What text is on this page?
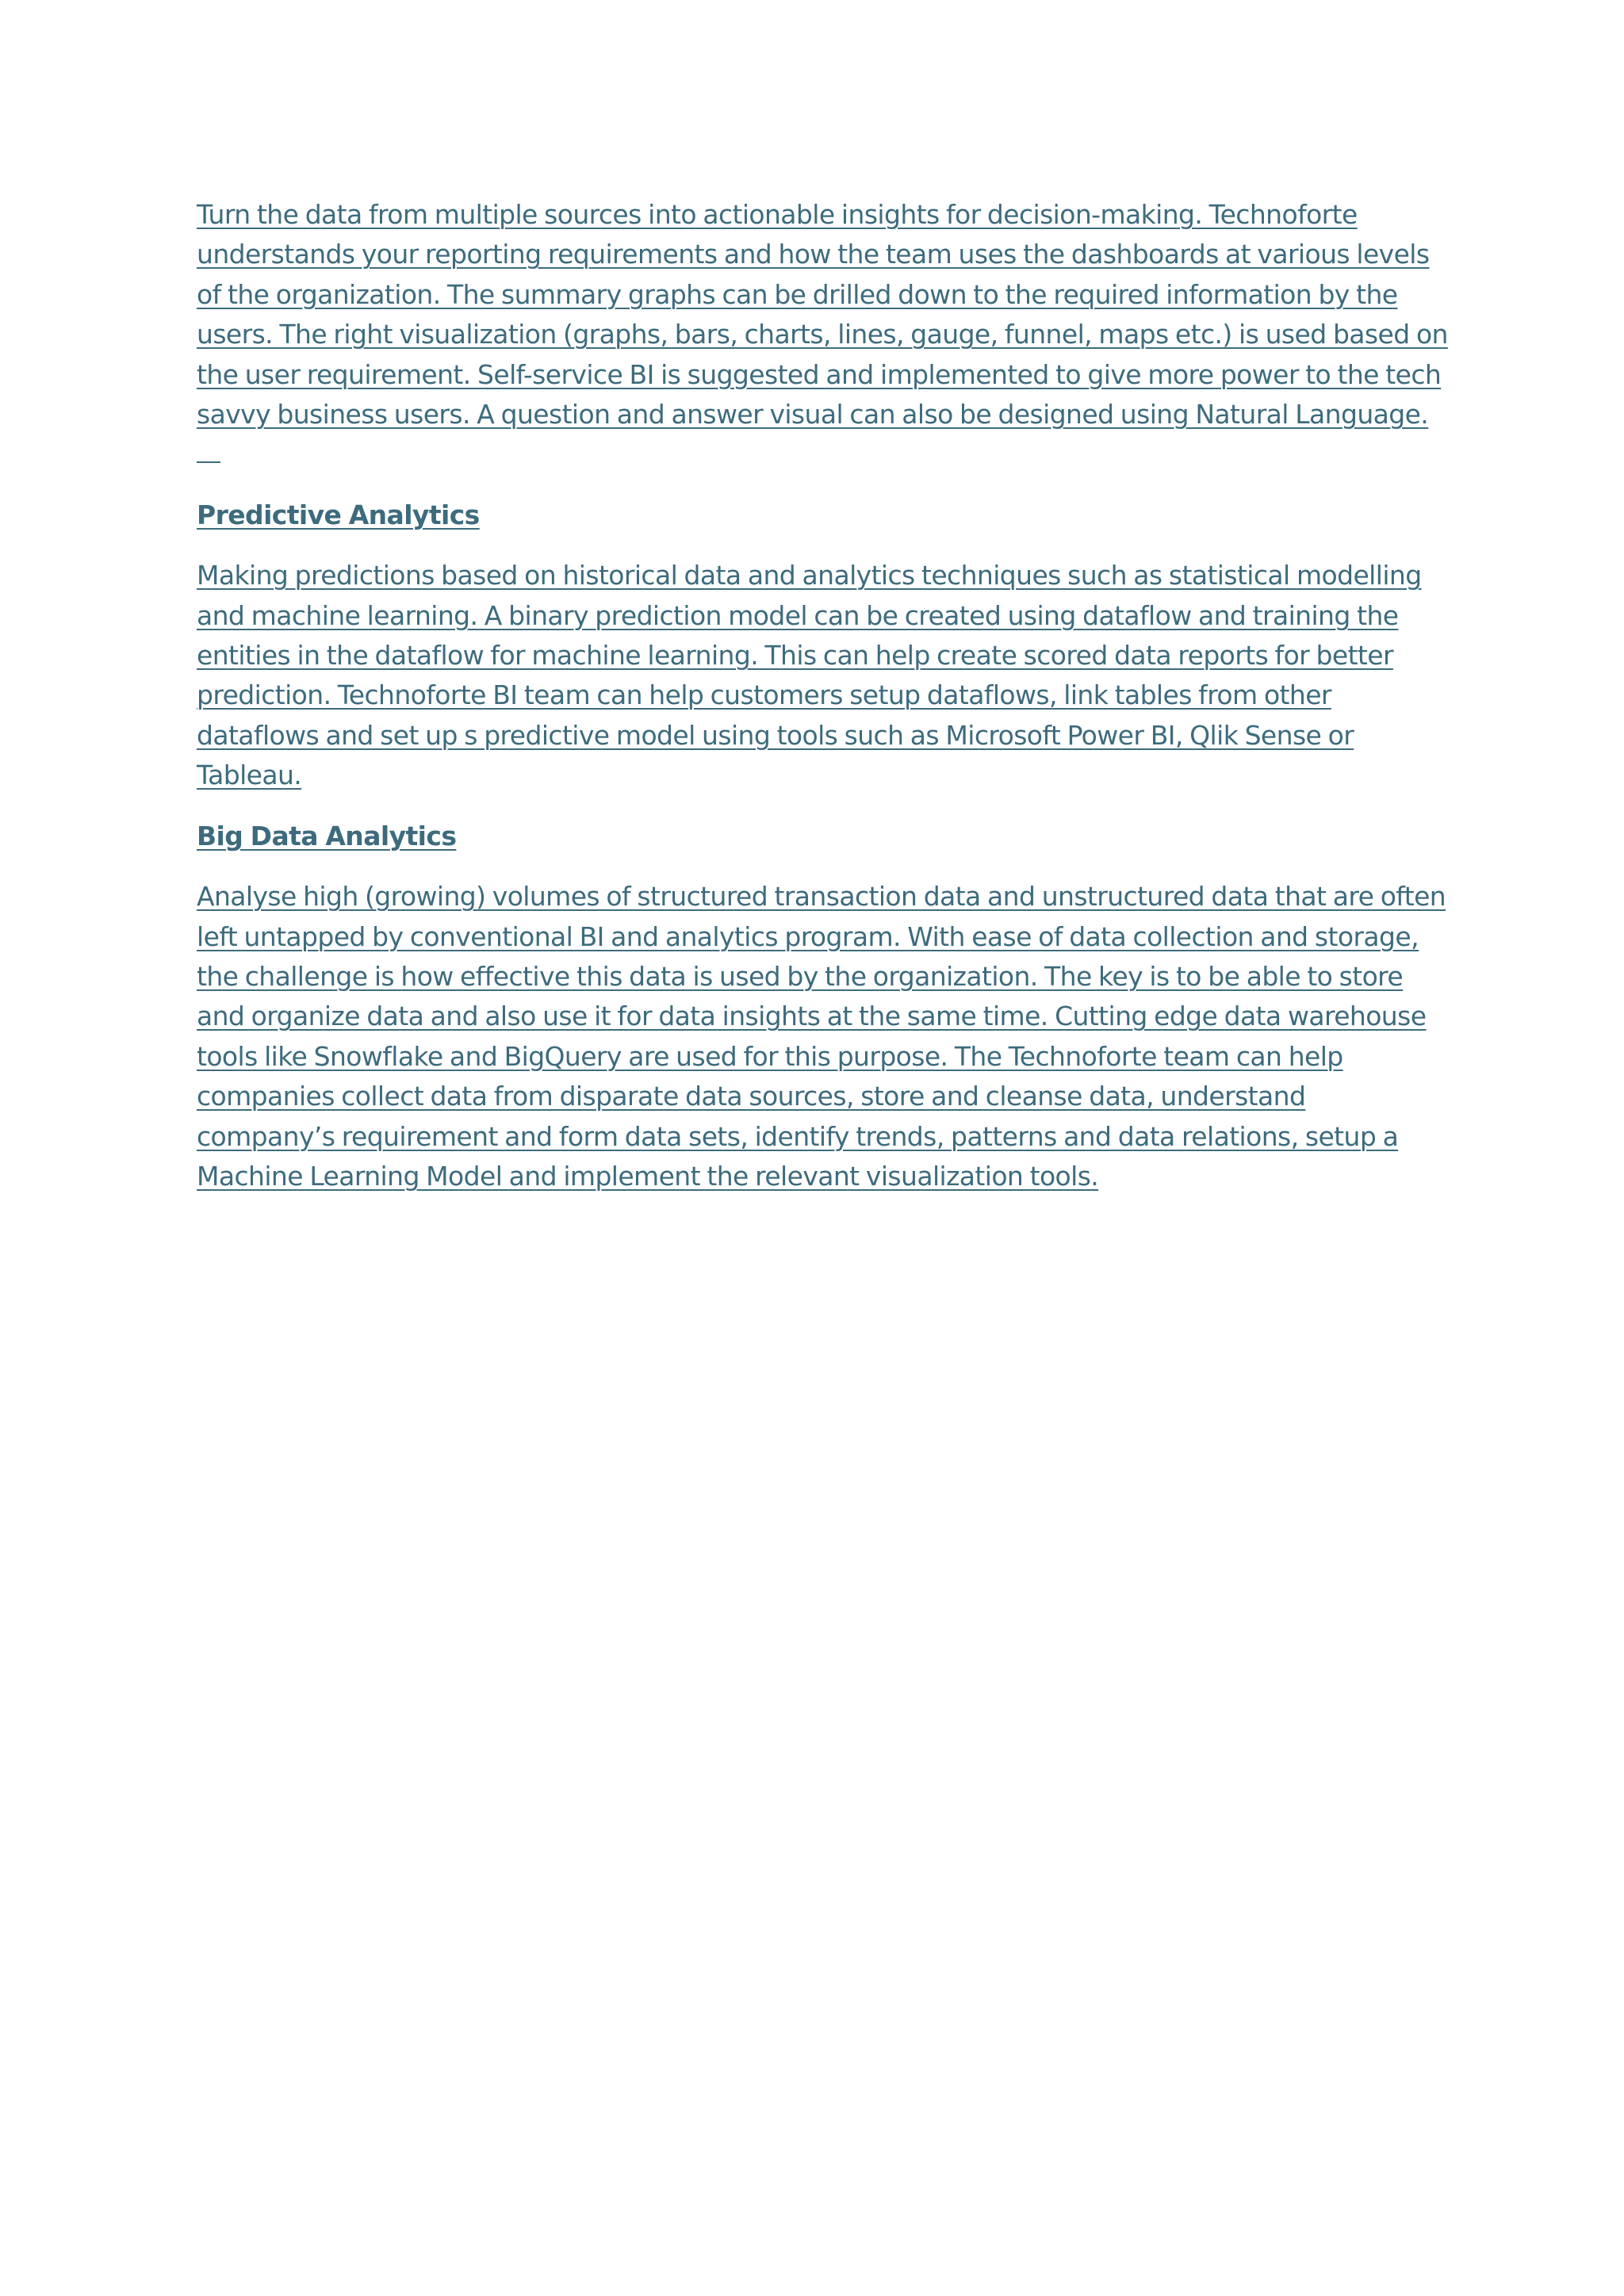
Turn the data from multiple sources into actionable insights for decision-making. Technoforte understands your reporting requirements and how the team uses the dashboards at various levels of the organization. The summary graphs can be drilled down to the required information by the users. The right visualization (graphs, bars, charts, lines, gauge, funnel, maps etc.) is used based on the user requirement. Self-service BI is suggested and implemented to give more power to the tech savvy business users. A question and answer visual can also be designed using Natural Language.

Predictive Analytics

Making predictions based on historical data and analytics techniques such as statistical modelling and machine learning. A binary prediction model can be created using dataflow and training the entities in the dataflow for machine learning. This can help create scored data reports for better prediction. Technoforte BI team can help customers setup dataflows, link tables from other dataflows and set up s predictive model using tools such as Microsoft Power BI, Qlik Sense or Tableau.

Big Data Analytics

Analyse high (growing) volumes of structured transaction data and unstructured data that are often left untapped by conventional BI and analytics program. With ease of data collection and storage, the challenge is how effective this data is used by the organization. The key is to be able to store and organize data and also use it for data insights at the same time. Cutting edge data warehouse tools like Snowflake and BigQuery are used for this purpose. The Technoforte team can help companies collect data from disparate data sources, store and cleanse data, understand company’s requirement and form data sets, identify trends, patterns and data relations, setup a Machine Learning Model and implement the relevant visualization tools.
